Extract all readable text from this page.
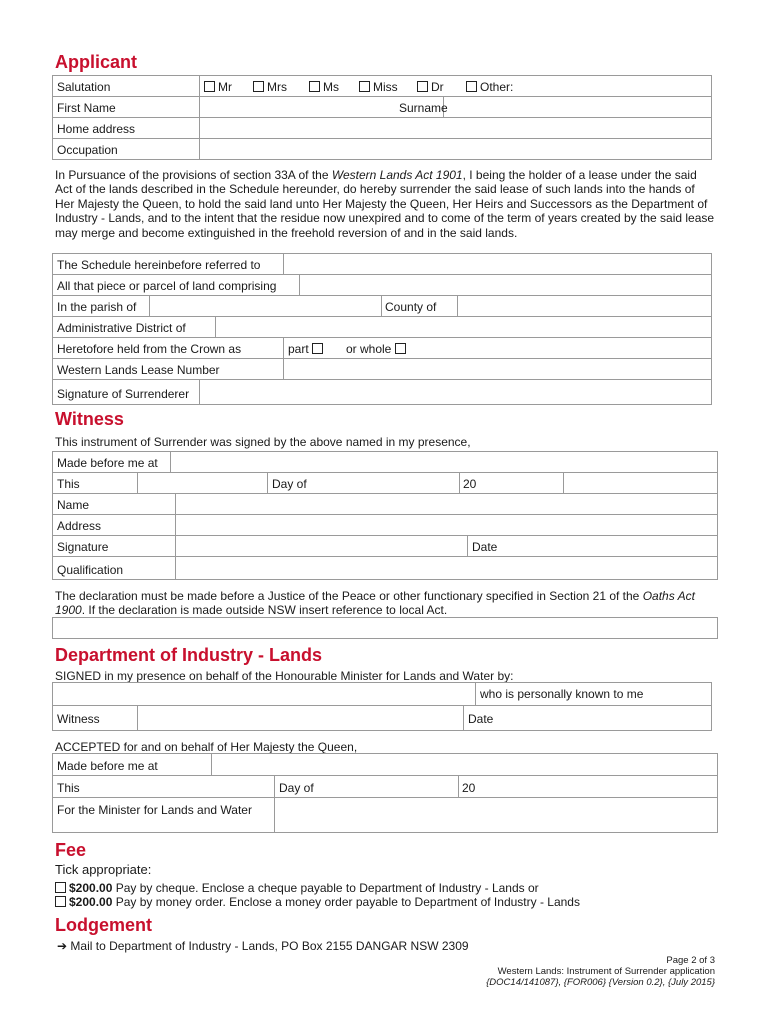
Applicant
Salutation	Mr	Mrs	Ms	Miss	Dr	Other:
First Name	Surname
Home address
Occupation
In Pursuance of the provisions of section 33A of the Western Lands Act 1901, I being the holder of a lease under the said Act of the lands described in the Schedule hereunder, do hereby surrender the said lease of such lands into the hands of Her Majesty the Queen, to hold the said land unto Her Majesty the Queen, Her Heirs and Successors as the Department of Industry - Lands, and to the intent that the residue now unexpired and to come of the term of years created by the said lease may merge and become extinguished in the freehold reversion of and in the said lands.
The Schedule hereinbefore referred to
All that piece or parcel of land comprising
In the parish of	County of
Administrative District of
Heretofore held from the Crown as	part	or whole
Western Lands Lease Number
Signature of Surrenderer
Witness
This instrument of Surrender was signed by the above named in my presence,
Made before me at
This	Day of	20
Name
Address
Signature	Date
Qualification
The declaration must be made before a Justice of the Peace or other functionary specified in Section 21 of the Oaths Act 1900. If the declaration is made outside NSW insert reference to local Act.
Department of Industry - Lands
SIGNED in my presence on behalf of the Honourable Minister for Lands and Water by:
who is personally known to me
Witness	Date
ACCEPTED for and on behalf of Her Majesty the Queen,
Made before me at
This	Day of	20
For the Minister for Lands and Water
Fee
Tick appropriate:
$200.00 Pay by cheque. Enclose a cheque payable to Department of Industry - Lands or
$200.00 Pay by money order. Enclose a money order payable to Department of Industry - Lands
Lodgement
➔ Mail to Department of Industry - Lands, PO Box 2155 DANGAR NSW 2309
Page 2 of 3
Western Lands: Instrument of Surrender application
{DOC14/141087}, {FOR006} {Version 0.2}, {July 2015}
